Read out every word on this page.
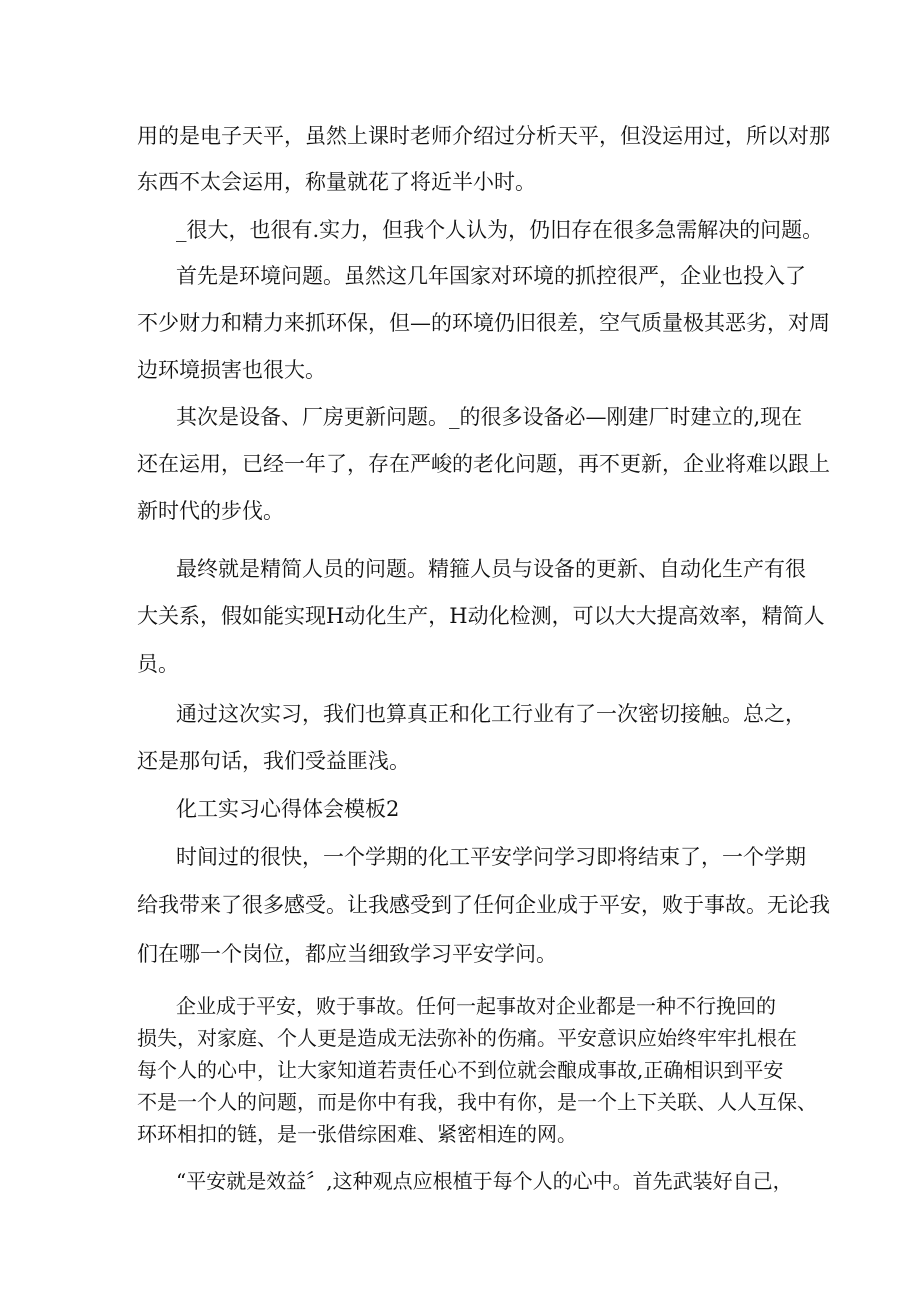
用的是电子天平，虽然上课时老师介绍过分析天平，但没运用过，所以对那
东西不太会运用，称量就花了将近半小时。
_很大，也很有.实力，但我个人认为，仍旧存在很多急需解决的问题。
首先是环境问题。虽然这几年国家对环境的抓控很严，企业也投入了
不少财力和精力来抓环保，但—的环境仍旧很差，空气质量极其恶劣，对周
边环境损害也很大。
其次是设备、厂房更新问题。_的很多设备必—刚建厂时建立的,现在
还在运用，已经一年了，存在严峻的老化问题，再不更新，企业将难以跟上
新时代的步伐。
最终就是精简人员的问题。精箍人员与设备的更新、自动化生产有很
大关系，假如能实现H动化生产，H动化检测，可以大大提高效率，精简人
员。
通过这次实习，我们也算真正和化工行业有了一次密切接触。总之，
还是那句话，我们受益匪浅。
化工实习心得体会模板2
时间过的很快，一个学期的化工平安学问学习即将结束了，一个学期
给我带来了很多感受。让我感受到了任何企业成于平安，败于事故。无论我
们在哪一个岗位，都应当细致学习平安学问。
企业成于平安，败于事故。任何一起事故对企业都是一种不行挽回的
损失，对家庭、个人更是造成无法弥补的伤痛。平安意识应始终牢牢扎根在
每个人的心中，让大家知道若责任心不到位就会酿成事故,正确相识到平安
不是一个人的问题，而是你中有我，我中有你，是一个上下关联、人人互保、
环环相扣的链，是一张借综困难、紧密相连的网。
“平安就是效益〞,这种观点应根植于每个人的心中。首先武装好自己，
